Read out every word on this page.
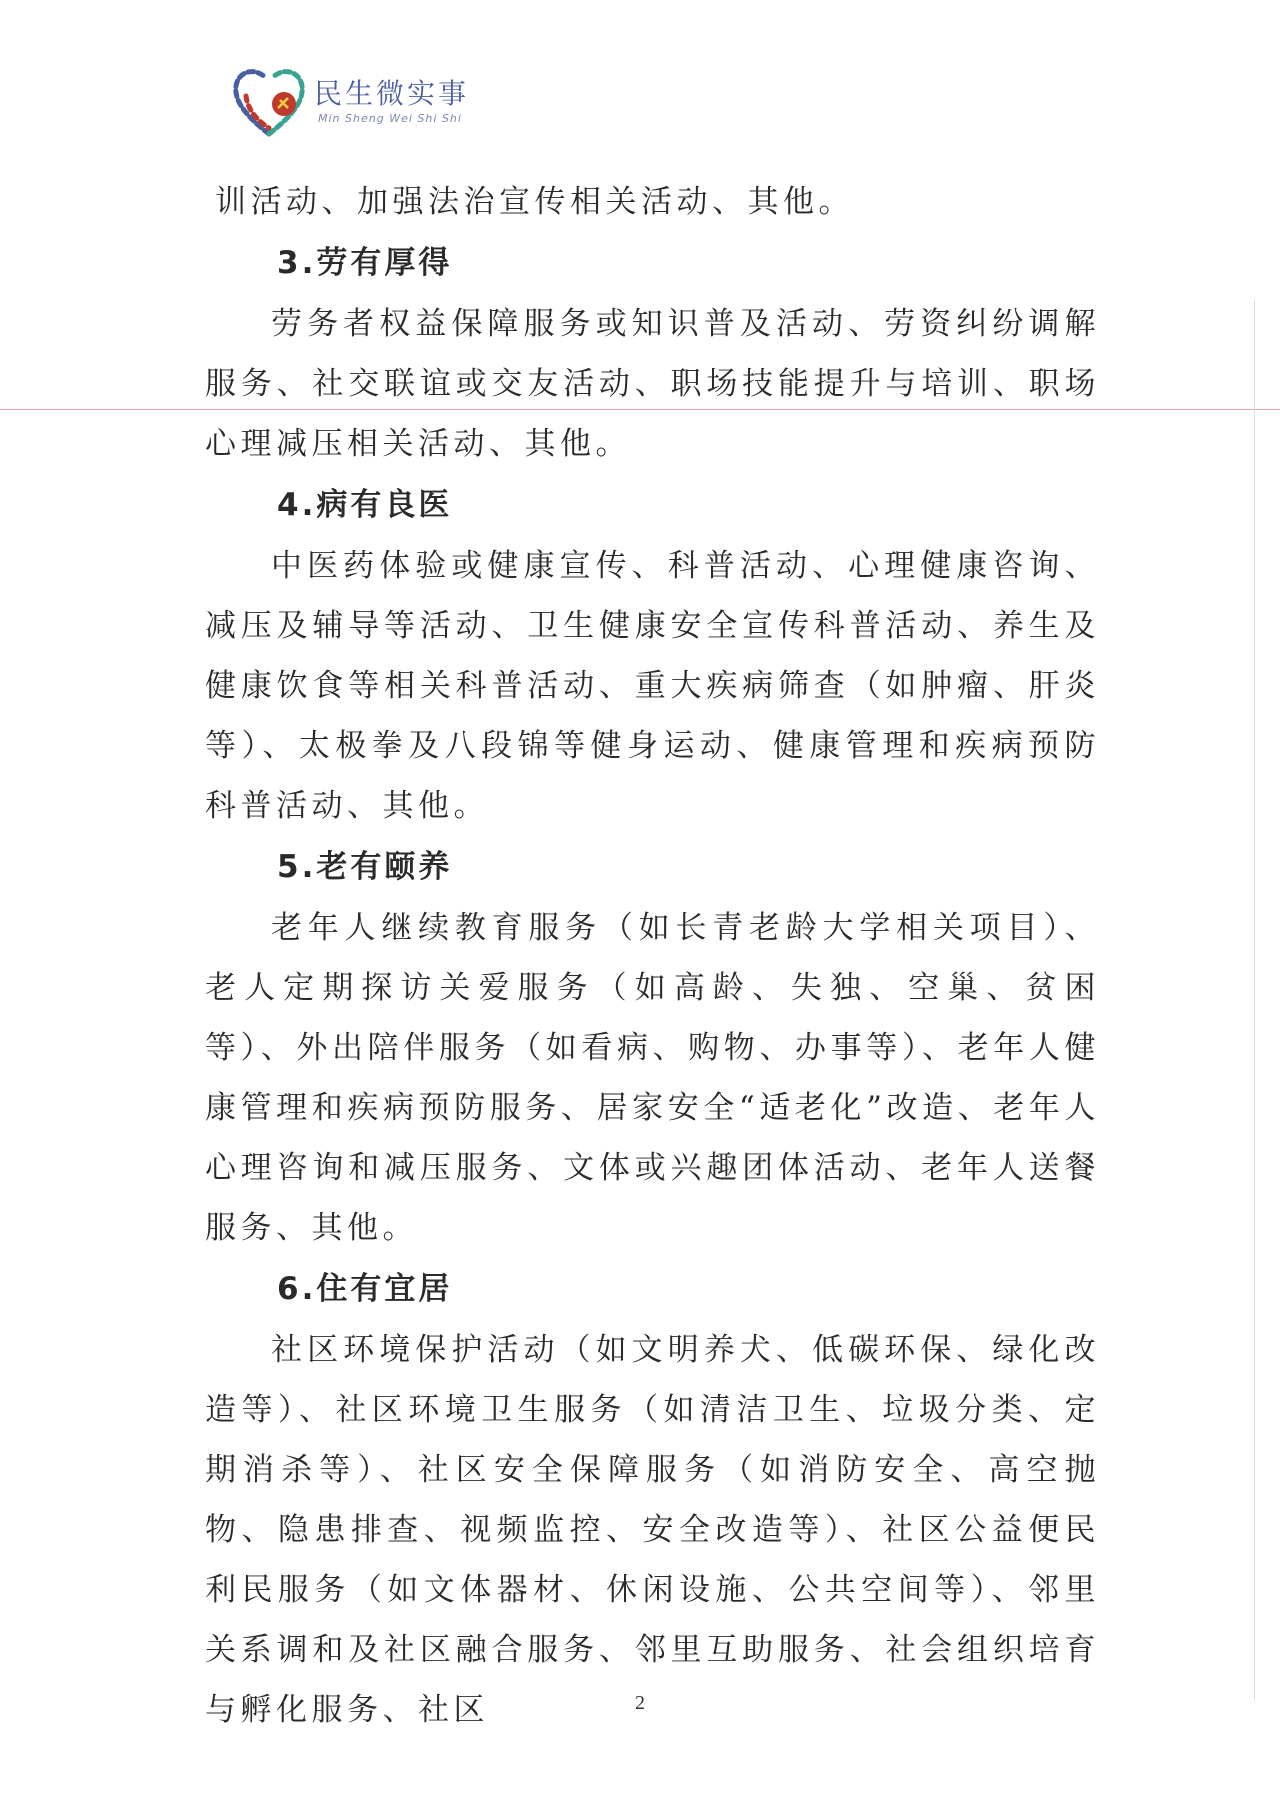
民生微实事
Min Sheng Wei Shi Shi

训活动、加强法治宣传相关活动、其他。

3.劳有厚得

劳务者权益保障服务或知识普及活动、劳资纠纷调解服务、社交联谊或交友活动、职场技能提升与培训、职场心理减压相关活动、其他。

4.病有良医

中医药体验或健康宣传、科普活动、心理健康咨询、减压及辅导等活动、卫生健康安全宣传科普活动、养生及健康饮食等相关科普活动、重大疾病筛查（如肿瘤、肝炎等）、太极拳及八段锦等健身运动、健康管理和疾病预防科普活动、其他。

5.老有颐养

老年人继续教育服务（如长青老龄大学相关项目）、老人定期探访关爱服务（如高龄、失独、空巢、贫困等）、外出陪伴服务（如看病、购物、办事等）、老年人健康管理和疾病预防服务、居家安全“适老化”改造、老年人心理咨询和减压服务、文体或兴趣团体活动、老年人送餐服务、其他。

6.住有宜居

社区环境保护活动（如文明养犬、低碳环保、绿化改造等）、社区环境卫生服务（如清洁卫生、垃圾分类、定期消杀等）、社区安全保障服务（如消防安全、高空抛物、隐患排查、视频监控、安全改造等）、社区公益便民利民服务（如文体器材、休闲设施、公共空间等）、邻里关系调和及社区融合服务、邻里互助服务、社会组织培育与孵化服务、社区	2
